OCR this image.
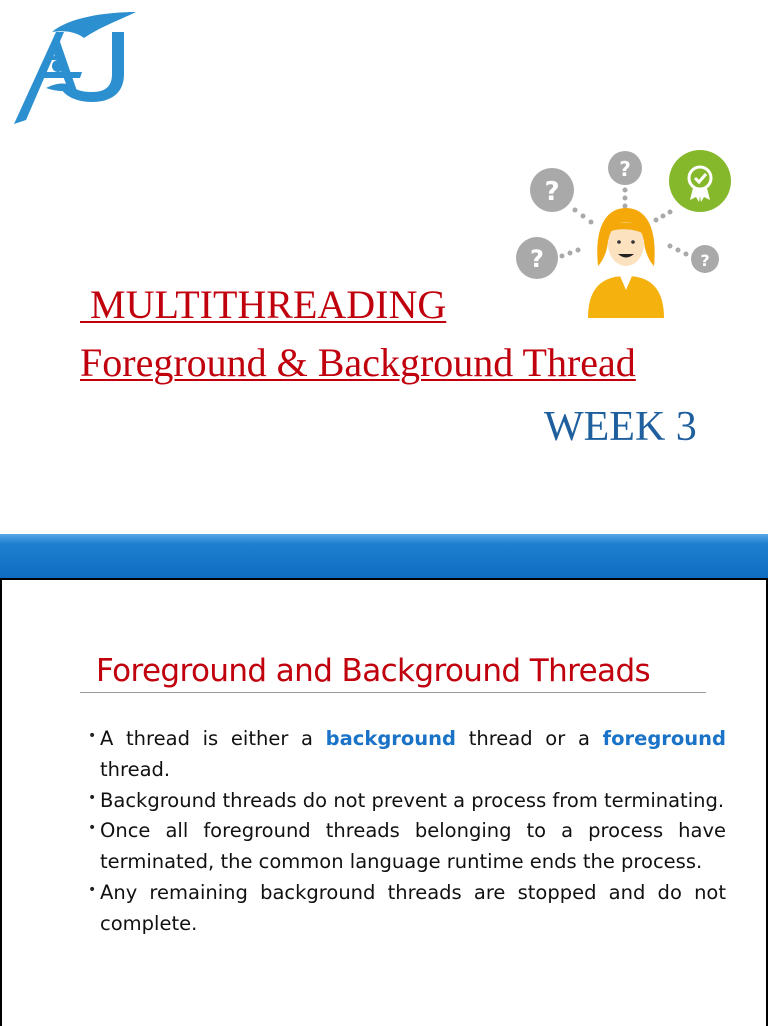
?
?
?	?
MULTITHREADING
Foreground & Background Thread
WEEK 3
Foreground and Background Threads
• A thread is either a background thread or a foreground thread.
• Background threads do not prevent a process from terminating.
• Once all foreground threads belonging to a process have terminated, the common language runtime ends the process.
• Any remaining background threads are stopped and do not complete.
